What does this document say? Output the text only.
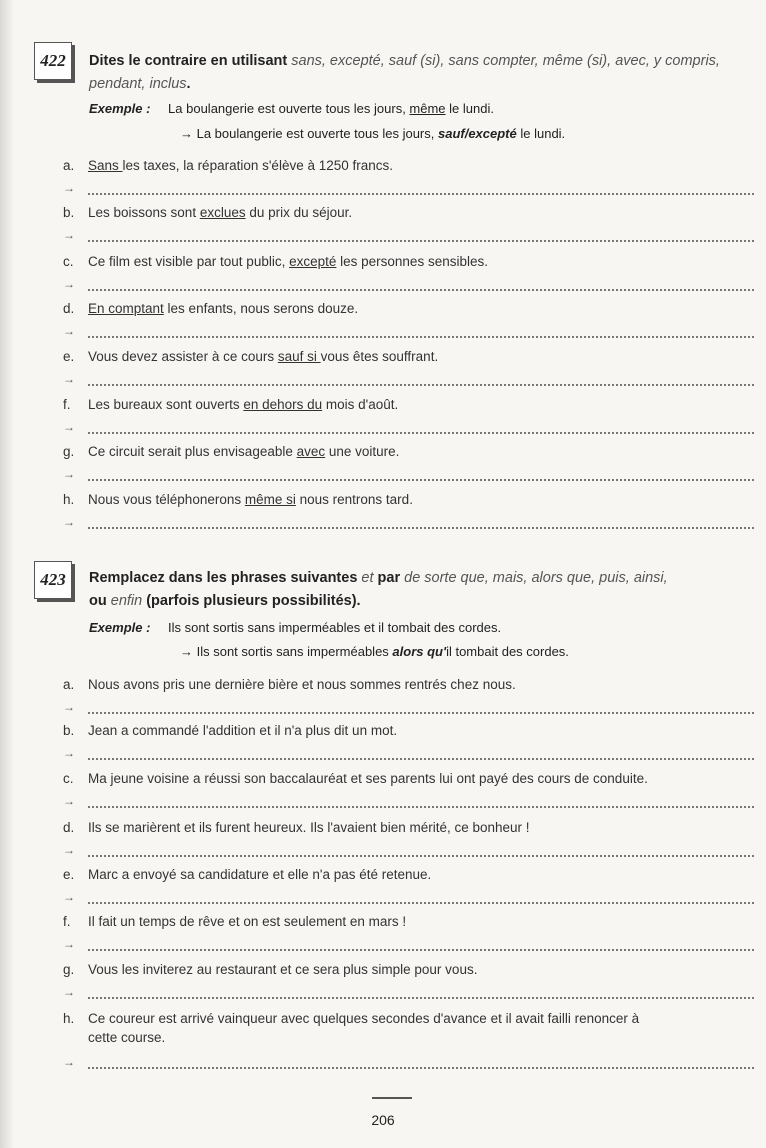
422 Dites le contraire en utilisant sans, excepté, sauf (si), sans compter, même (si), avec, y compris, pendant, inclus.
Exemple : La boulangerie est ouverte tous les jours, même le lundi.
→ La boulangerie est ouverte tous les jours, sauf/excepté le lundi.
a. Sans les taxes, la réparation s'élève à 1250 francs.
→
b. Les boissons sont exclues du prix du séjour.
→
c. Ce film est visible par tout public, excepté les personnes sensibles.
→
d. En comptant les enfants, nous serons douze.
→
e. Vous devez assister à ce cours sauf si vous êtes souffrant.
→
f. Les bureaux sont ouverts en dehors du mois d'août.
→
g. Ce circuit serait plus envisageable avec une voiture.
→
h. Nous vous téléphonerons même si nous rentrons tard.
→
423 Remplacez dans les phrases suivantes et par de sorte que, mais, alors que, puis, ainsi,
ou enfin (parfois plusieurs possibilités).
Exemple : Ils sont sortis sans imperméables et il tombait des cordes.
→ Ils sont sortis sans imperméables alors qu'il tombait des cordes.
a. Nous avons pris une dernière bière et nous sommes rentrés chez nous.
→
b. Jean a commandé l'addition et il n'a plus dit un mot.
→
c. Ma jeune voisine a réussi son baccalauréat et ses parents lui ont payé des cours de conduite.
→
d. Ils se marièrent et ils furent heureux. Ils l'avaient bien mérité, ce bonheur !
→
e. Marc a envoyé sa candidature et elle n'a pas été retenue.
→
f. Il fait un temps de rêve et on est seulement en mars !
→
g. Vous les inviterez au restaurant et ce sera plus simple pour vous.
→
h. Ce coureur est arrivé vainqueur avec quelques secondes d'avance et il avait failli renoncer à
cette course.
→
206
